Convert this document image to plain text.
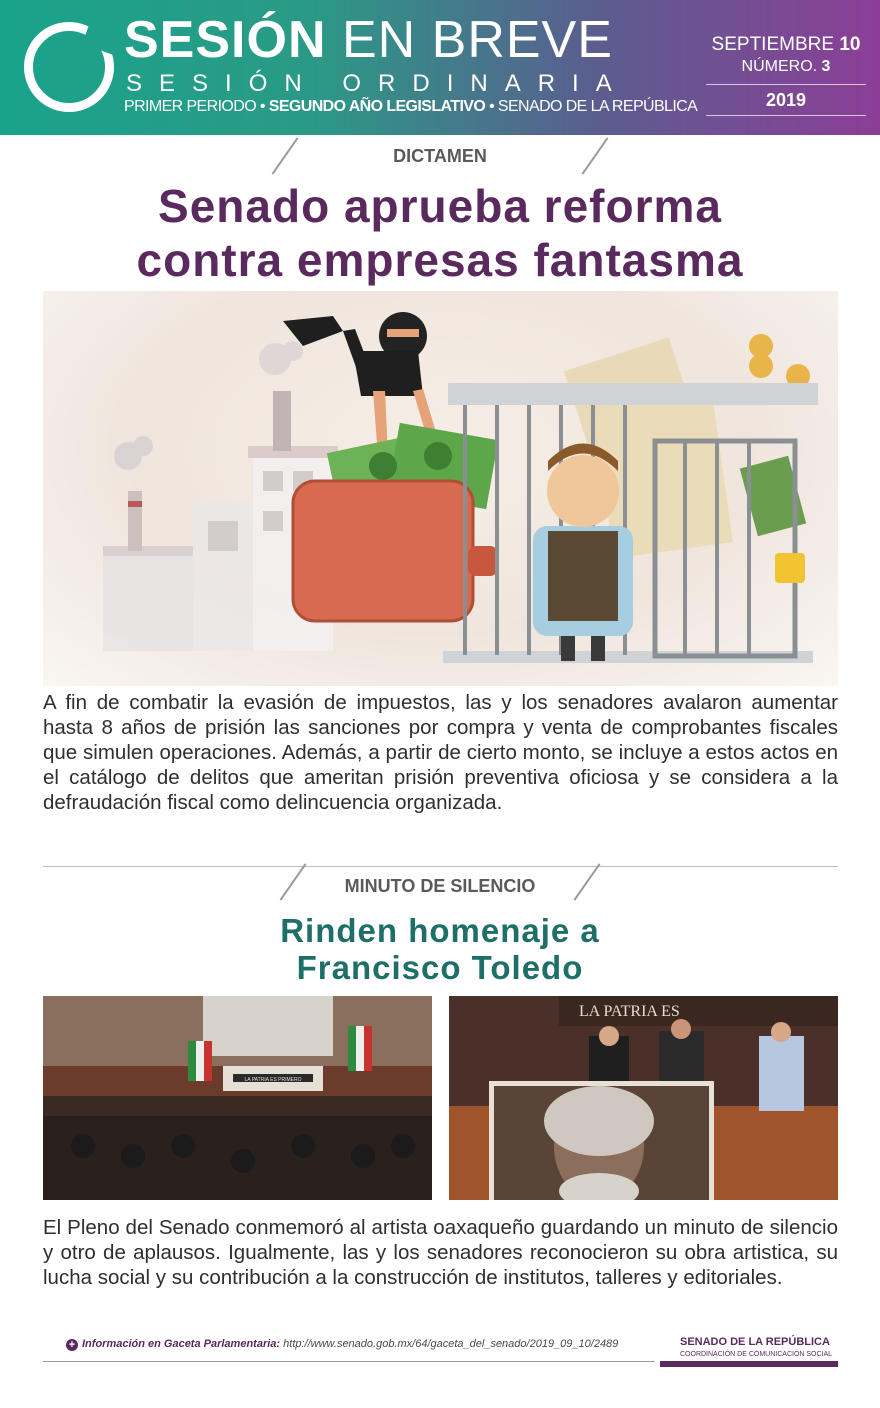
SESIÓN EN BREVE
SESIÓN ORDINARIA
PRIMER PERIODO • SEGUNDO AÑO LEGISLATIVO • SENADO DE LA REPÚBLICA
SEPTIEMBRE 10
NÚMERO. 3
2019
DICTAMEN
Senado aprueba reforma
contra empresas fantasma
A fin de combatir la evasión de impuestos, las y los senadores avalaron aumentar hasta 8 años de prisión las sanciones por compra y venta de comprobantes fiscales que simulen operaciones. Además, a partir de cierto monto, se incluye a estos actos en el catálogo de delitos que ameritan prisión preventiva oficiosa y se considera a la defraudación fiscal como delincuencia organizada.
MINUTO DE SILENCIO
Rinden homenaje a
Francisco Toledo
LA PATRIA ES PRIMERO
LA PATRIA ES
El Pleno del Senado conmemoró al artista oaxaqueño guardando un minuto de silencio y otro de aplausos. Igualmente, las y los senadores reconocieron su obra artistica, su lucha social y su contribución a la construcción de institutos, talleres y editoriales.
+ Información en Gaceta Parlamentaria: http://www.senado.gob.mx/64/gaceta_del_senado/2019_09_10/2489	SENADO DE LA REPÚBLICA
COORDINACIÓN DE COMUNICACIÓN SOCIAL
